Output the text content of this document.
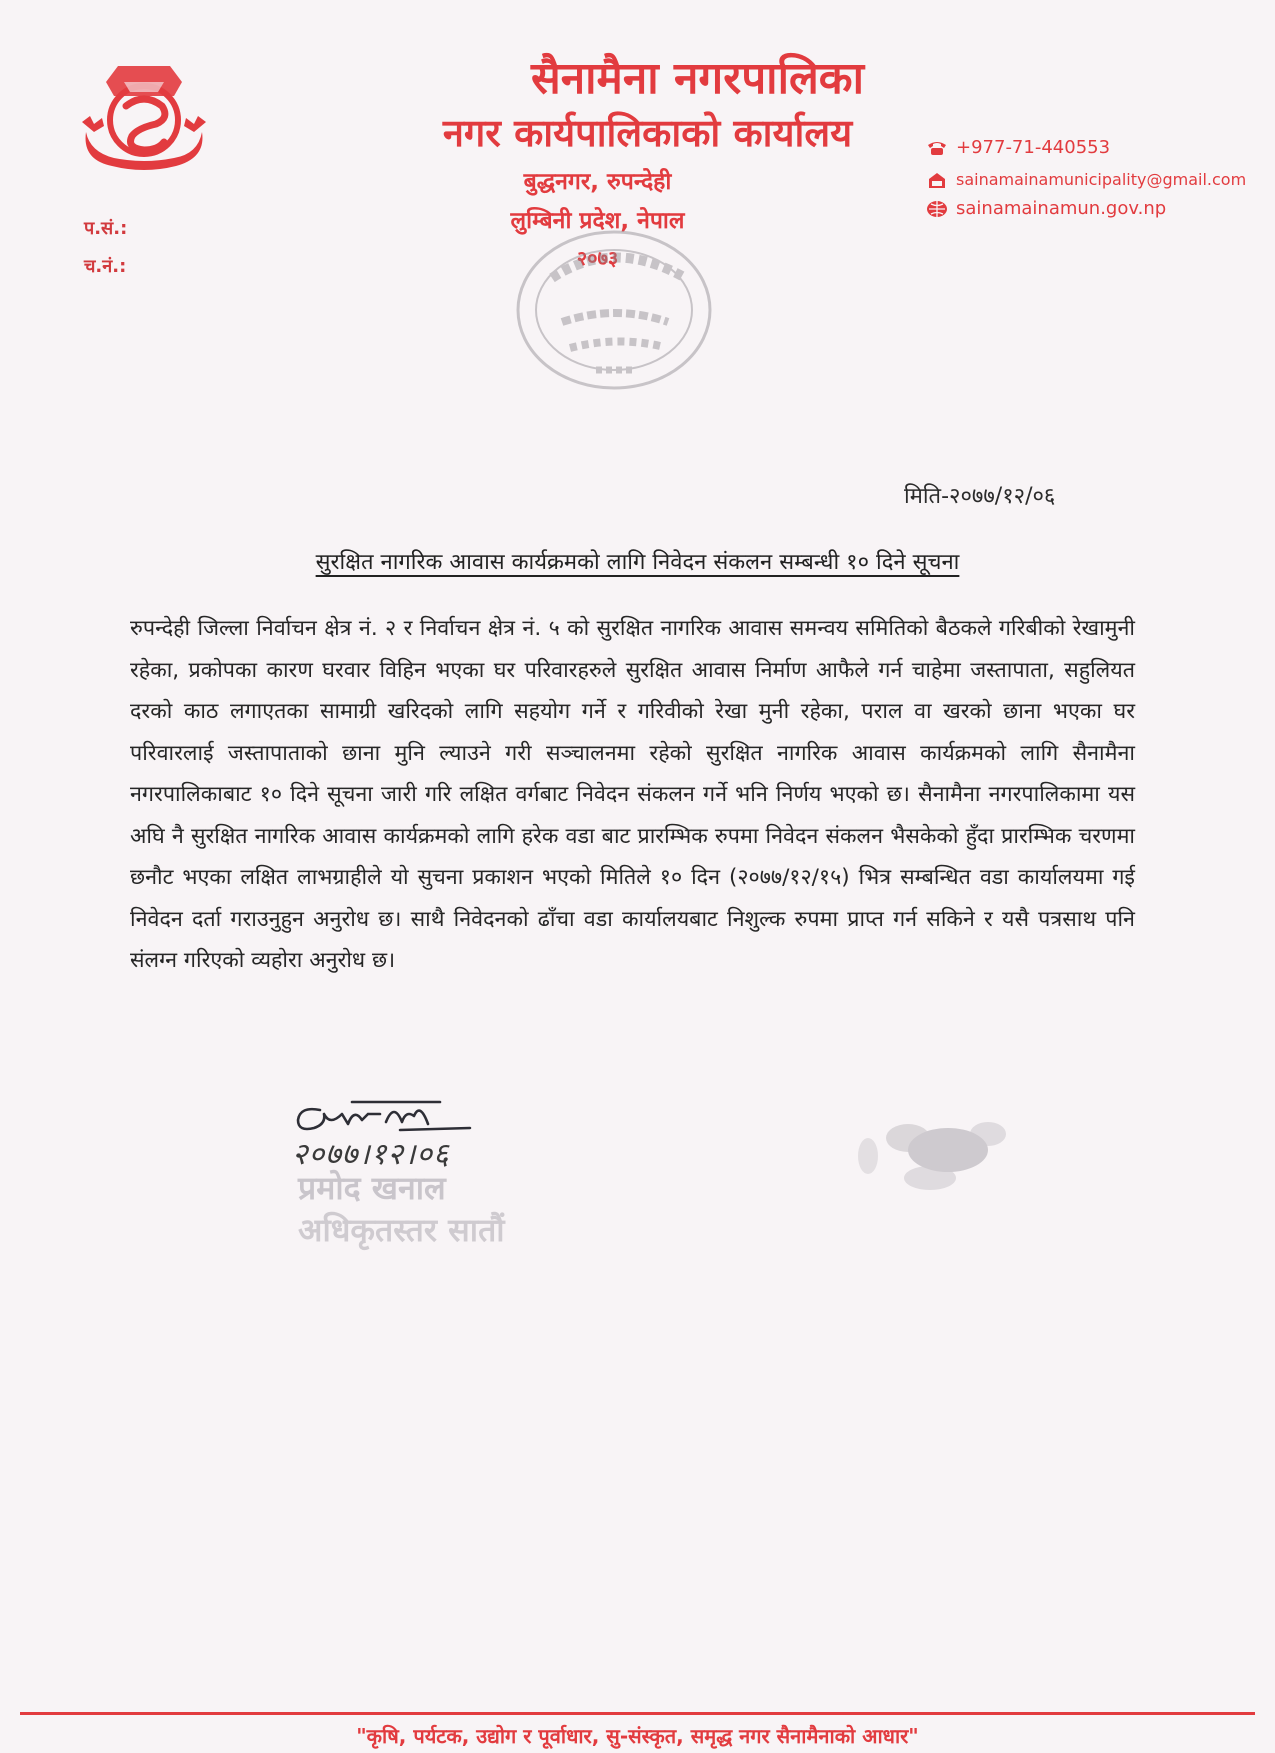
सैनामैना नगरपालिका
नगर कार्यपालिकाको कार्यालय
बुद्धनगर, रुपन्देही
लुम्बिनी प्रदेश, नेपाल
२०७३
प.सं.:
च.नं.:
+977-71-440553
sainamainamunicipality@gmail.com
sainamainamun.gov.np
मिति-२०७७/१२/०६
सुरक्षित नागरिक आवास कार्यक्रमको लागि निवेदन संकलन सम्बन्धी १० दिने सूचना
रुपन्देही जिल्ला निर्वाचन क्षेत्र नं. २ र निर्वाचन क्षेत्र नं. ५ को सुरक्षित नागरिक आवास समन्वय समितिको बैठकले गरिबीको रेखामुनी रहेका, प्रकोपका कारण घरवार विहिन भएका घर परिवारहरुले सुरक्षित आवास निर्माण आफैले गर्न चाहेमा जस्तापाता, सहुलियत दरको काठ लगाएतका सामाग्री खरिदको लागि सहयोग गर्ने र गरिवीको रेखा मुनी रहेका, पराल वा खरको छाना भएका घर परिवारलाई जस्तापाताको छाना मुनि ल्याउने गरी सञ्चालनमा रहेको सुरक्षित नागरिक आवास कार्यक्रमको लागि सैनामैना नगरपालिकाबाट १० दिने सूचना जारी गरि लक्षित वर्गबाट निवेदन संकलन गर्ने भनि निर्णय भएको छ। सैनामैना नगरपालिकामा यस अघि नै सुरक्षित नागरिक आवास कार्यक्रमको लागि हरेक वडा बाट प्रारम्भिक रुपमा निवेदन संकलन भैसकेको हुँदा प्रारम्भिक चरणमा छनौट भएका लक्षित लाभग्राहीले यो सुचना प्रकाशन भएको मितिले १० दिन (२०७७/१२/१५) भित्र सम्बन्धित वडा कार्यालयमा गई निवेदन दर्ता गराउनुहुन अनुरोध छ। साथै निवेदनको ढाँचा वडा कार्यालयबाट निशुल्क रुपमा प्राप्त गर्न सकिने र यसै पत्रसाथ पनि संलग्न गरिएको व्यहोरा अनुरोध छ।
२०७७।१२।०६
प्रमोद खनाल
अधिकृतस्तर सातौं
"कृषि, पर्यटक, उद्योग र पूर्वाधार, सु-संस्कृत, समृद्ध नगर सैनामैनाको आधार"
